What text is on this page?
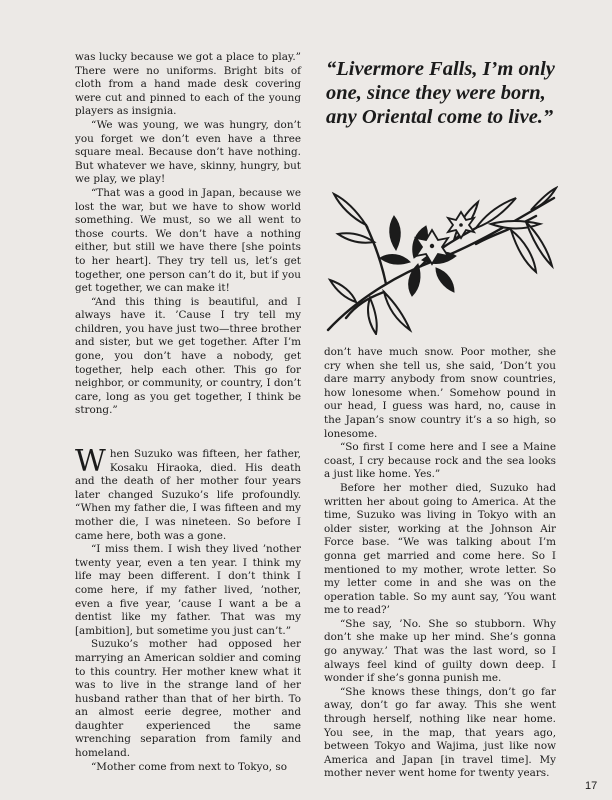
was lucky because we got a place to play.” There were no uniforms. Bright bits of cloth from a hand made desk covering were cut and pinned to each of the young players as insignia.

“We was young, we was hungry, don’t you forget we don’t even have a three square meal. Because don’t have nothing. But whatever we have, skinny, hungry, but we play, we play!

“That was a good in Japan, because we lost the war, but we have to show world something. We must, so we all went to those courts. We don’t have a nothing either, but still we have there [she points to her heart]. They try tell us, let’s get together, one person can’t do it, but if you get together, we can make it!

“And this thing is beautiful, and I always have it. ’Cause I try tell my children, you have just two—three brother and sister, but we get together. After I’m gone, you don’t have a nobody, get together, help each other. This go for neighbor, or community, or country, I don’t care, long as you get together, I think be strong.”

When Suzuko was fifteen, her father, Kosaku Hiraoka, died. His death and the death of her mother four years later changed Suzuko’s life profoundly. “When my father die, I was fifteen and my mother die, I was nineteen. So before I came here, both was a gone.

“I miss them. I wish they lived ’nother twenty year, even a ten year. I think my life may been different. I don’t think I come here, if my father lived, ’nother, even a five year, ’cause I want a be a dentist like my father. That was my [ambition], but sometime you just can’t.”

Suzuko’s mother had opposed her marrying an American soldier and coming to this country. Her mother knew what it was to live in the strange land of her husband rather than that of her birth. To an almost eerie degree, mother and daughter experienced the same wrenching separation from family and homeland.

“Mother come from next to Tokyo, so

“Livermore Falls, I’m only one, since they were born, any Oriental come to live.”

don’t have much snow. Poor mother, she cry when she tell us, she said, ’Don’t you dare marry anybody from snow countries, how lonesome when.’ Somehow pound in our head, I guess was hard, no, cause in the Japan’s snow country it’s a so high, so lonesome.

“So first I come here and I see a Maine coast, I cry because rock and the sea looks a just like home. Yes.”

Before her mother died, Suzuko had written her about going to America. At the time, Suzuko was living in Tokyo with an older sister, working at the Johnson Air Force base. “We was talking about I’m gonna get married and come here. So I mentioned to my mother, wrote letter. So my letter come in and she was on the operation table. So my aunt say, ’You want me to read?’

“She say, ’No. She so stubborn. Why don’t she make up her mind. She’s gonna go anyway.’ That was the last word, so I always feel kind of guilty down deep. I wonder if she’s gonna punish me.

“She knows these things, don’t go far away, don’t go far away. This she went through herself, nothing like near home. You see, in the map, that years ago, between Tokyo and Wajima, just like now America and Japan [in travel time]. My mother never went home for twenty years.

17
